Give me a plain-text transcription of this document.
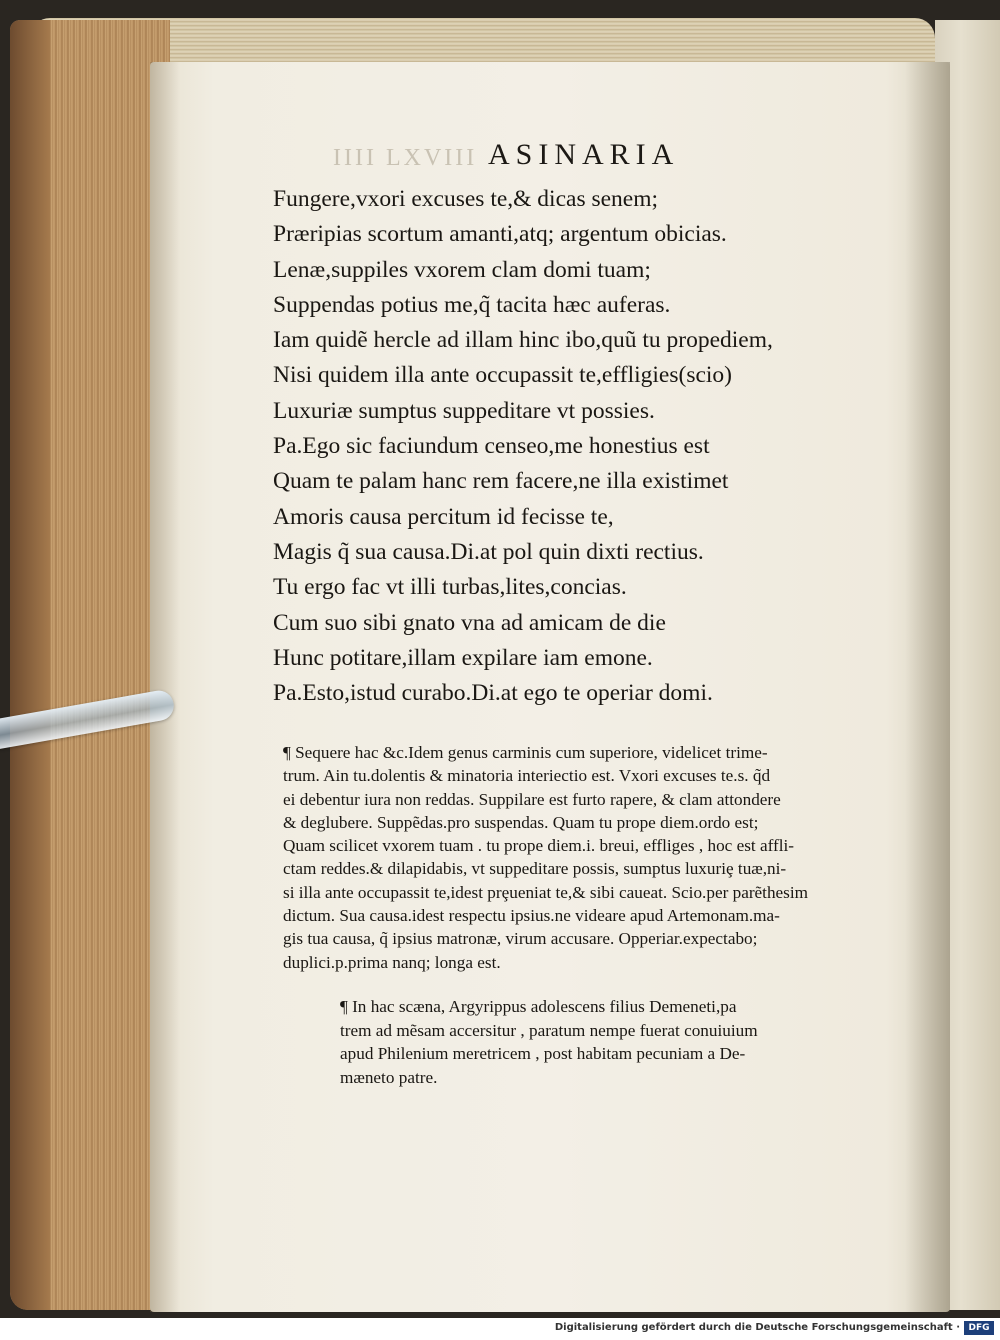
IIII LXVIII ASINARIA
Fungere,vxori excuses te,& dicas senem;
Præripias scortum amanti,atq; argentum obicias.
Lenæ,suppiles vxorem clam domi tuam;
Suppendas potius me,q̃ tacita hæc auferas.
Iam quidẽ hercle ad illam hinc ibo,quũ tu propediem,
Nisi quidem illa ante occupassit te,effligies(scio)
Luxuriæ sumptus suppeditare vt possies.
Pa.Ego sic faciundum censeo,me honestius est
Quam te palam hanc rem facere,ne illa existimet
Amoris causa percitum id fecisse te,
Magis q̃ sua causa.Di.at pol quin dixti rectius.
Tu ergo fac vt illi turbas,lites,concias.
Cum suo sibi gnato vna ad amicam de die
Hunc potitare,illam expilare iam emone.
Pa.Esto,istud curabo.Di.at ego te operiar domi.
¶ Sequere hac &c.Idem genus carminis cum superiore, videlicet trime‑
trum. Ain tu.dolentis & minatoria interiectio est. Vxori excuses te.s. q̃d
ei debentur iura non reddas. Suppilare est furto rapere, & clam attondere
& deglubere. Suppẽdas.pro suspendas. Quam tu prope diem.ordo est;
Quam scilicet vxorem tuam . tu prope diem.i. breui, effliges , hoc est affli‑
ctam reddes.& dilapidabis, vt suppeditare possis, sumptus luxuriȩ tuæ,ni‑
si illa ante occupassit te,idest prȩueniat te,& sibi caueat. Scio.per parẽthesim
dictum. Sua causa.idest respectu ipsius.ne videare apud Artemonam.ma‑
gis tua causa, q̃ ipsius matronæ, virum accusare. Opperiar.expectabo;
duplici.p.prima nanq; longa est.
¶ In hac scæna, Argyrippus adolescens filius Demeneti,pa
trem ad mẽsam accersitur , paratum nempe fuerat conuiuium
apud Philenium meretricem , post habitam pecuniam a De‑
mæneto patre.
Digitalisierung gefördert durch die Deutsche Forschungsgemeinschaft · DFG
